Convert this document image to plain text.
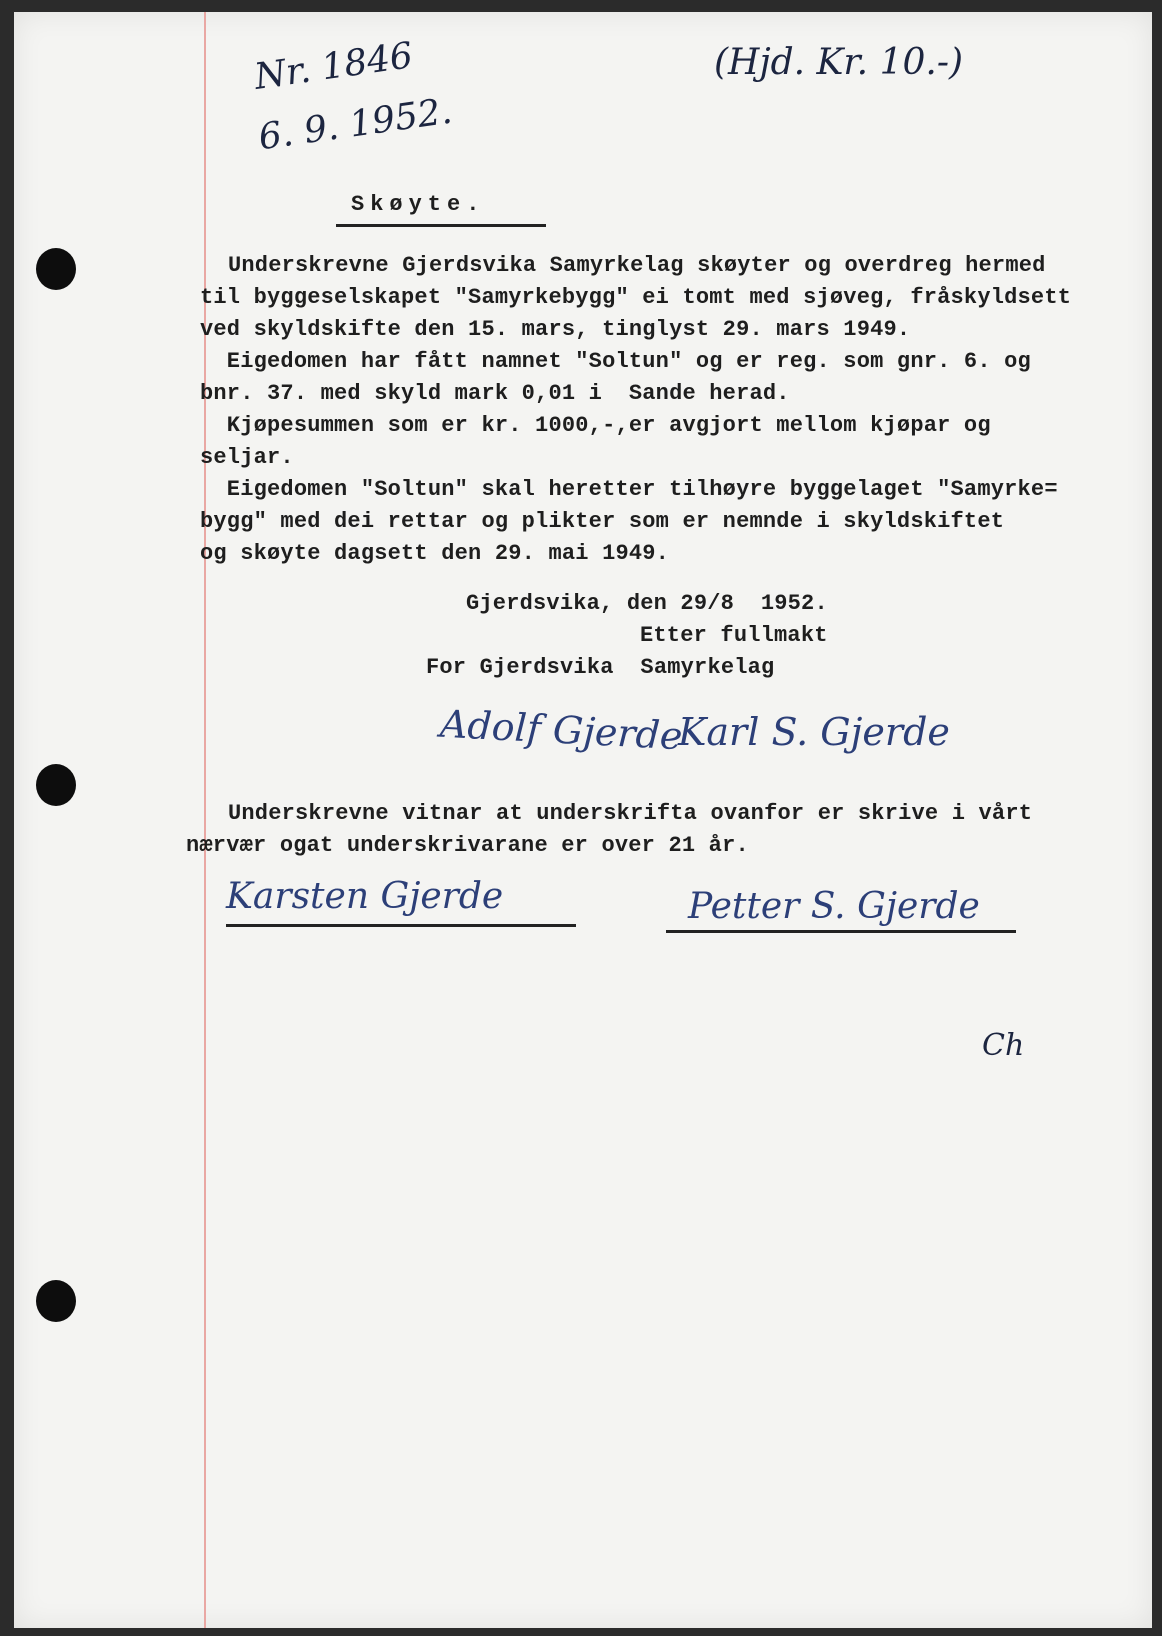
Nr. 1846
6. 9. 1952.
(Hjd. Kr. 10.-)
Skøyte.
Underskrevne Gjerdsvika Samyrkelag skøyter og overdreg hermed
til byggeselskapet "Samyrkebygg" ei tomt med sjøveg, fråskyldsett
ved skyldskifte den 15. mars, tinglyst 29. mars 1949.
Eigedomen har fått namnet "Soltun" og er reg. som gnr. 6. og
bnr. 37. med skyld mark 0,01 i  Sande herad.
Kjøpesummen som er kr. 1000,-,er avgjort mellom kjøpar og
seljar.
Eigedomen "Soltun" skal heretter tilhøyre byggelaget "Samyrke=
bygg" med dei rettar og plikter som er nemnde i skyldskiftet
og skøyte dagsett den 29. mai 1949.
Gjerdsvika, den 29/8  1952.
Etter fullmakt
For Gjerdsvika  Samyrkelag
Adolf Gjerde
Karl S. Gjerde
Underskrevne vitnar at underskrifta ovanfor er skrive i vårt
nærvær ogat underskrivarane er over 21 år.
Karsten Gjerde	Petter S. Gjerde
Ch
